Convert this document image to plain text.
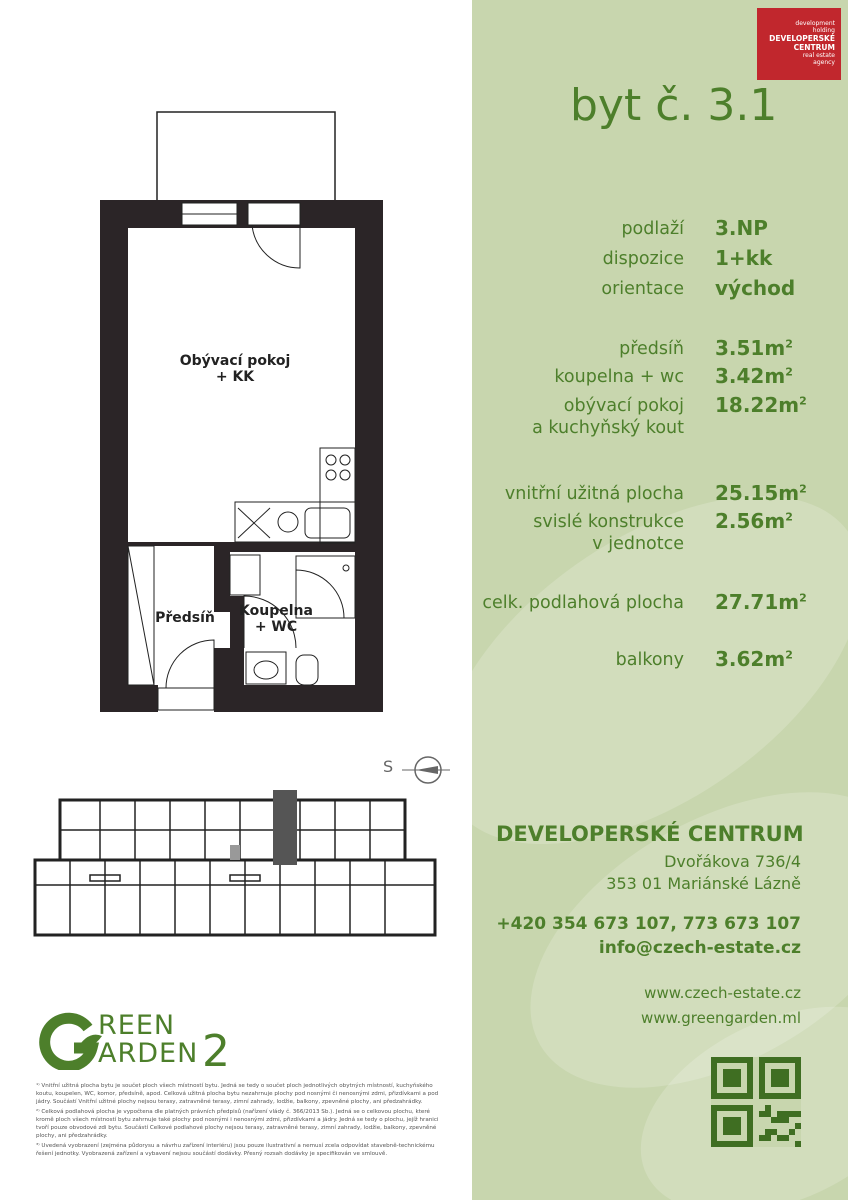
Obývací pokoj
+ KK
Předsíň Koupelna
+ WC
S
REEN
ARDEN 2
¹⁾ Vnitřní užitná plocha bytu je součet ploch všech místností bytu. Jedná se tedy o součet ploch jednotlivých obytných místností, kuchyňského koutu, koupelen, WC, komor, předsíně, apod. Celková užitná plocha bytu nezahrnuje plochy pod nosnými či nenosnými zdmi, přizdívkami a pod jádry. Součástí Vnitřní užitné plochy nejsou terasy, zatravněné terasy, zimní zahrady, lodžie, balkony, zpevněné plochy, ani předzahrádky.
²⁾ Celková podlahová plocha je vypočtena dle platných právních předpisů (nařízení vlády č. 366/2013 Sb.). Jedná se o celkovou plochu, které kromě ploch všech místností bytu zahrnuje také plochy pod nosnými i nenosnými zdmi, přizdívkami a jádry. Jedná se tedy o plochu, jejíž hranici tvoří pouze obvodové zdi bytu. Součástí Celkové podlahové plochy nejsou terasy, zatravněné terasy, zimní zahrady, lodžie, balkony, zpevněné plochy, ani předzahrádky.
³⁾ Uvedená vyobrazení (zejména půdorysu a návrhu zařízení interiéru) jsou pouze ilustrativní a nemusí zcela odpovídat stavebně-technickému řešení jednotky. Vyobrazená zařízení a vybavení nejsou součástí dodávky. Přesný rozsah dodávky je specifikován ve smlouvě.
development
holding
DEVELOPERSKÉ
CENTRUM
real estate
agency
byt č. 3.1
podlaží 3.NP
dispozice 1+kk
orientace východ
předsíň $3.51m^2$
koupelna + wc $3.42m^2$
obývací pokoj
a kuchyňský kout
$18.22m^2$
vnitřní užitná plocha $25.15m^2$
svislé konstrukce
v jednotce
$2.56m^2$
celk. podlahová plocha $27.71m^2$
balkony $3.62m^2$
DEVELOPERSKÉ CENTRUM
Dvořákova 736/4
353 01 Mariánské Lázně
+420 354 673 107, 773 673 107
info@czech-estate.cz
www.czech-estate.cz
www.greengarden.ml
